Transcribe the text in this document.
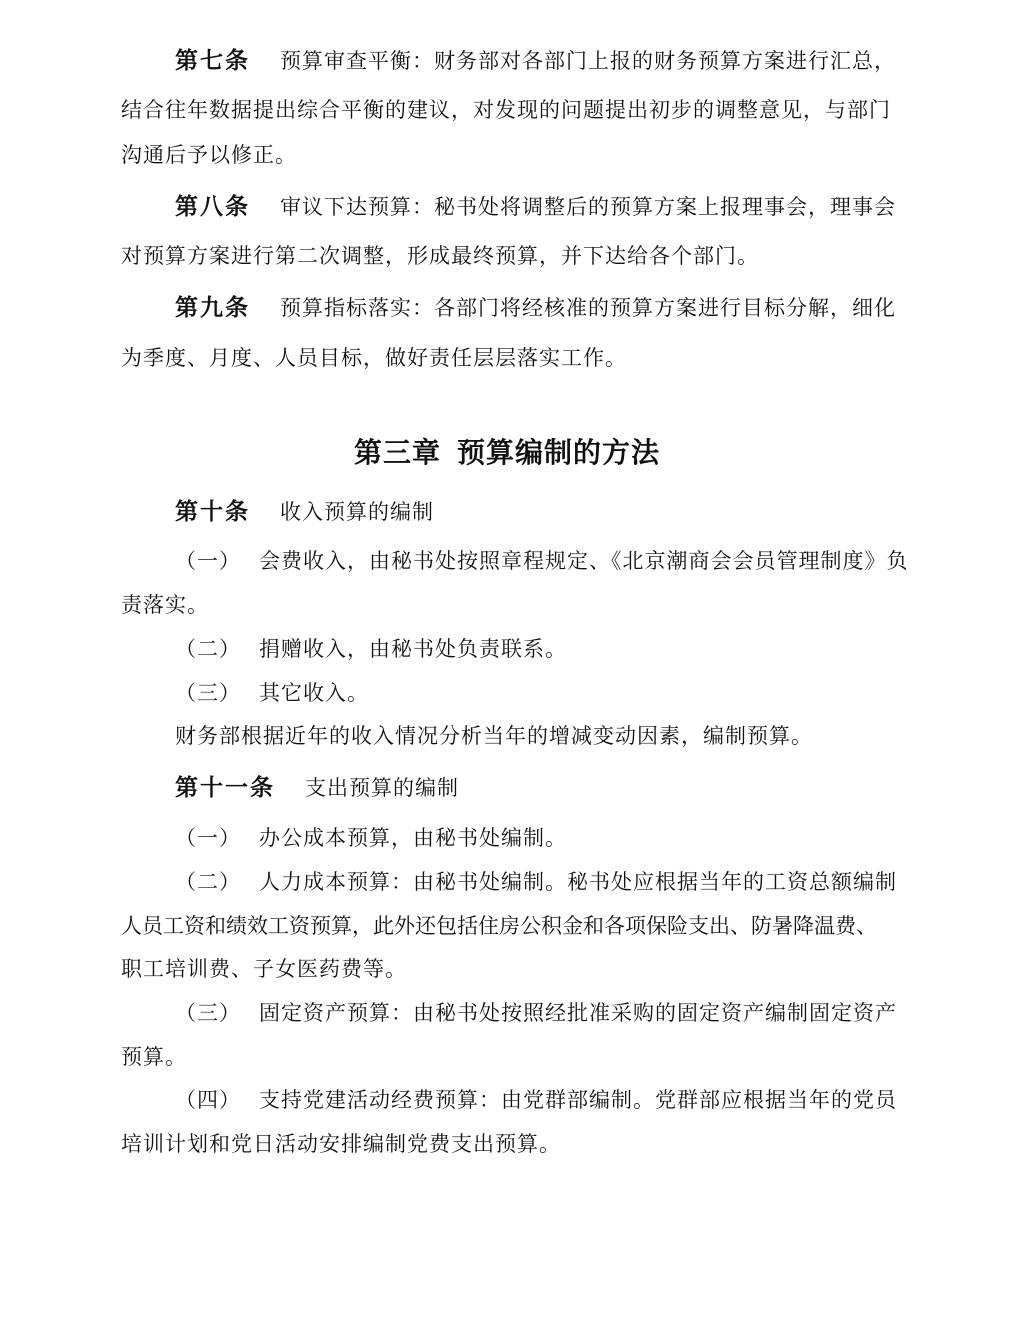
第七条 预算审查平衡：财务部对各部门上报的财务预算方案进行汇总，
结合往年数据提出综合平衡的建议，对发现的问题提出初步的调整意见，与部门
沟通后予以修正。
第八条 审议下达预算：秘书处将调整后的预算方案上报理事会，理事会
对预算方案进行第二次调整，形成最终预算，并下达给各个部门。
第九条 预算指标落实：各部门将经核准的预算方案进行目标分解，细化
为季度、月度、人员目标，做好责任层层落实工作。
第三章 预算编制的方法
第十条 收入预算的编制
（一） 会费收入，由秘书处按照章程规定、《北京潮商会会员管理制度》负
责落实。
（二） 捐赠收入，由秘书处负责联系。
（三） 其它收入。
财务部根据近年的收入情况分析当年的增减变动因素，编制预算。
第十一条 支出预算的编制
（一） 办公成本预算，由秘书处编制。
（二） 人力成本预算：由秘书处编制。秘书处应根据当年的工资总额编制
人员工资和绩效工资预算，此外还包括住房公积金和各项保险支出、防暑降温费、
职工培训费、子女医药费等。
（三） 固定资产预算：由秘书处按照经批准采购的固定资产编制固定资产
预算。
（四） 支持党建活动经费预算：由党群部编制。党群部应根据当年的党员
培训计划和党日活动安排编制党费支出预算。
